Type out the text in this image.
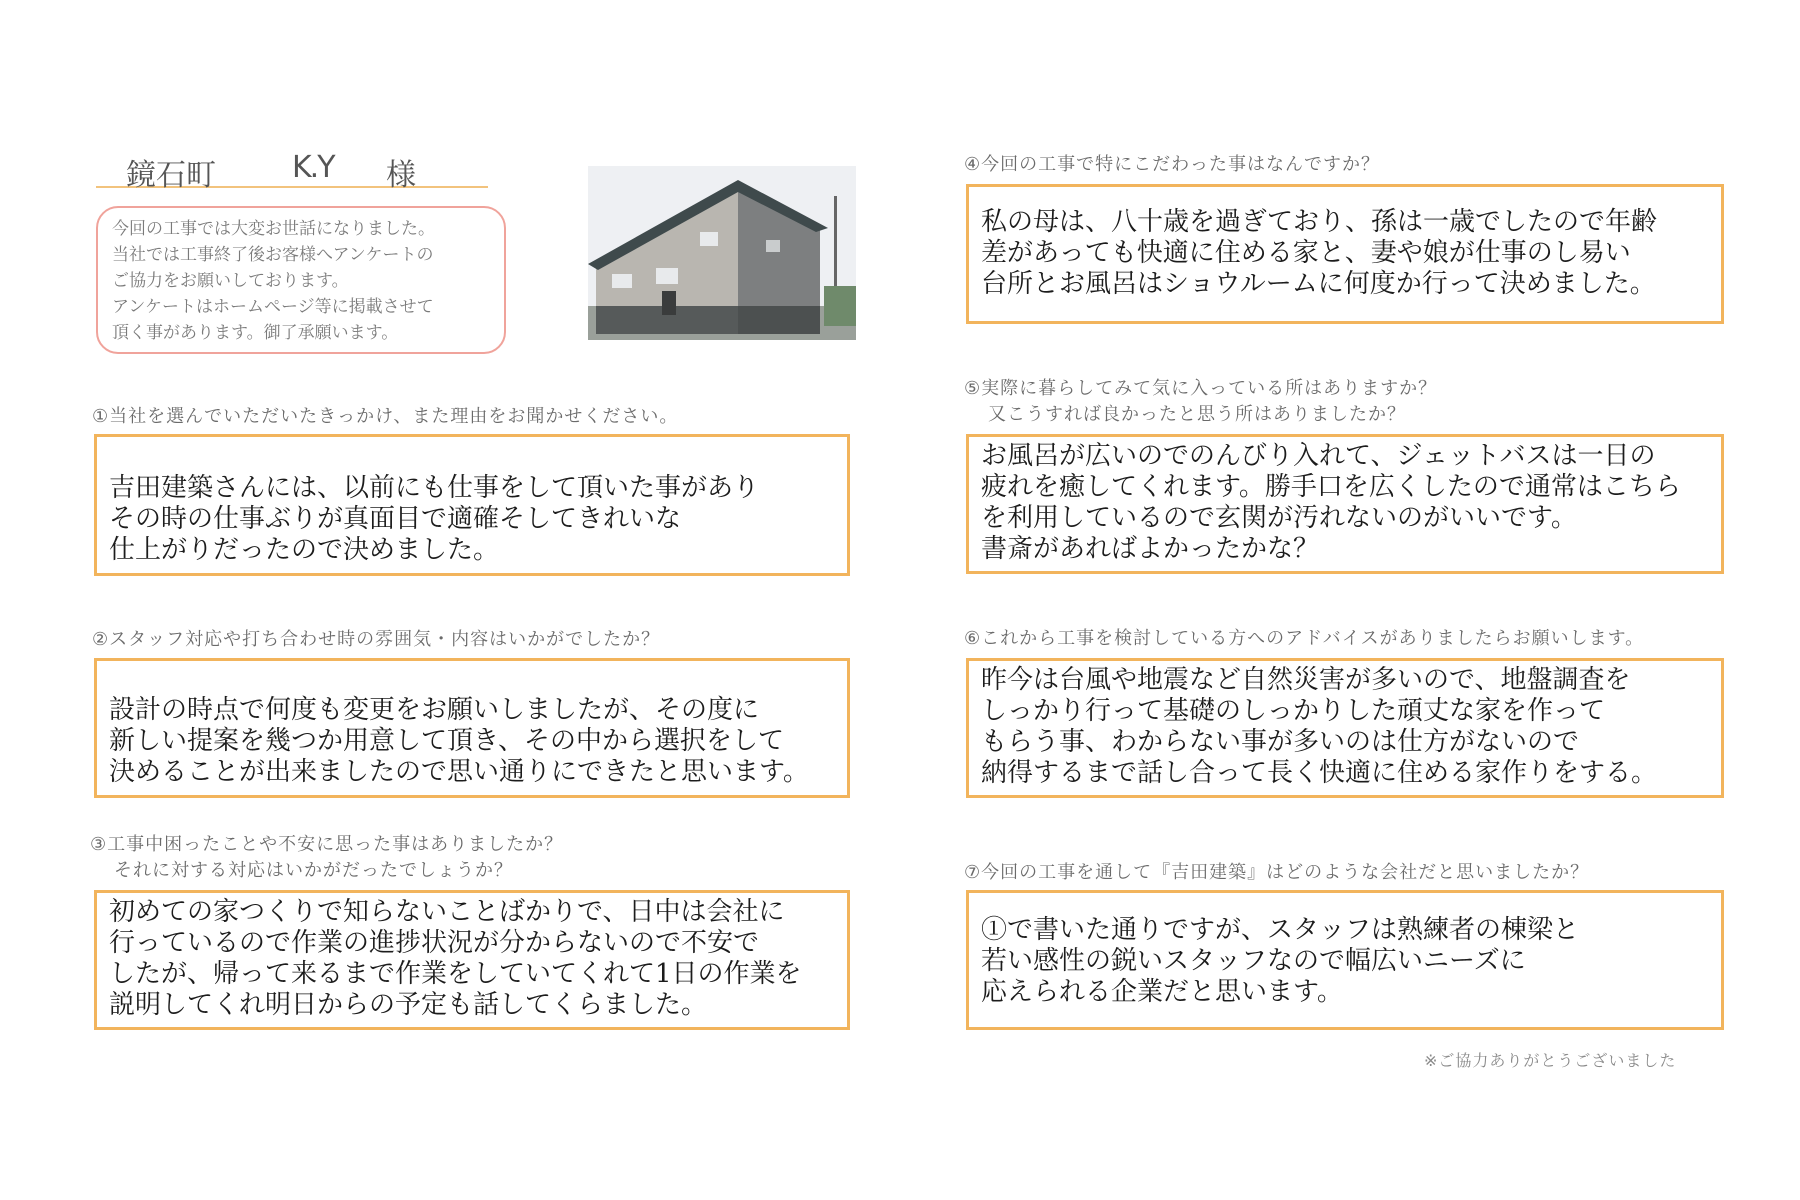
鏡石町	K.Y 様

今回の工事では大変お世話になりました。

当社では工事終了後お客様へアンケートの

ご協力をお願いしております。

アンケートはホームページ等に掲載させて

頂く事があります。御了承願います。

①当社を選んでいただいたきっかけ、また理由をお聞かせください。

吉田建築さんには、以前にも仕事をして頂いた事があり

その時の仕事ぶりが真面目で適確そしてきれいな

仕上がりだったので決めました。

②スタッフ対応や打ち合わせ時の雰囲気・内容はいかがでしたか？

設計の時点で何度も変更をお願いしましたが、その度に

新しい提案を幾つか用意して頂き、その中から選択をして

決めることが出来ましたので思い通りにできたと思います。

③工事中困ったことや不安に思った事はありましたか？
それに対する対応はいかがだったでしょうか？

初めての家つくりで知らないことばかりで、日中は会社に

行っているので作業の進捗状況が分からないので不安で

したが、帰って来るまで作業をしていてくれて1日の作業を

説明してくれ明日からの予定も話してくらました。

④今回の工事で特にこだわった事はなんですか？

私の母は、八十歳を過ぎており、孫は一歳でしたので年齢

差があっても快適に住める家と、妻や娘が仕事のし易い

台所とお風呂はショウルームに何度か行って決めました。

⑤実際に暮らしてみて気に入っている所はありますか？
又こうすれば良かったと思う所はありましたか？

お風呂が広いのでのんびり入れて、ジェットバスは一日の

疲れを癒してくれます。勝手口を広くしたので通常はこちら

を利用しているので玄関が汚れないのがいいです。

書斎があればよかったかな？

⑥これから工事を検討している方へのアドバイスがありましたらお願いします。

昨今は台風や地震など自然災害が多いので、地盤調査を

しっかり行って基礎のしっかりした頑丈な家を作って

もらう事、わからない事が多いのは仕方がないので

納得するまで話し合って長く快適に住める家作りをする。

⑦今回の工事を通して『吉田建築』はどのような会社だと思いましたか？

①で書いた通りですが、スタッフは熟練者の棟梁と

若い感性の鋭いスタッフなので幅広いニーズに

応えられる企業だと思います。

※ご協力ありがとうございました
